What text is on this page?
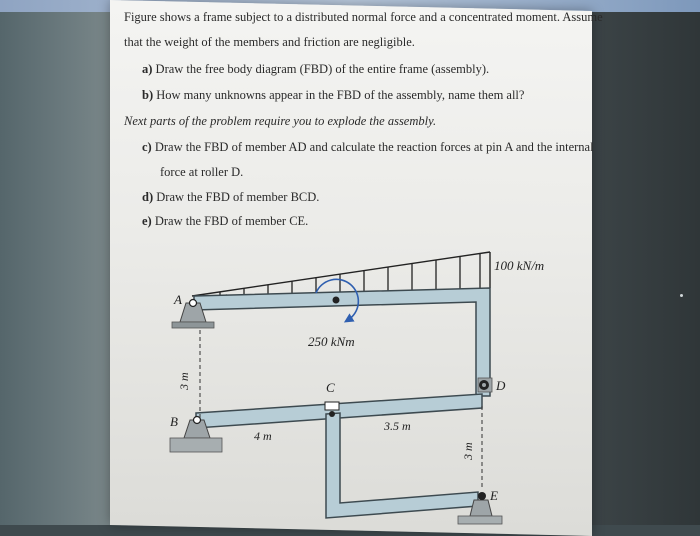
Figure shows a frame subject to a distributed normal force and a concentrated moment. Assume
that the weight of the members and friction are negligible.
a) Draw the free body diagram (FBD) of the entire frame (assembly).
b) How many unknowns appear in the FBD of the assembly, name them all?
Next parts of the problem require you to explode the assembly.
c) Draw the FBD of member AD and calculate the reaction forces at pin A and the internal
force at roller D.
d) Draw the FBD of member BCD.
e) Draw the FBD of member CE.
100 kN/m
250 kNm
A
B
D
E
C
3 m
4 m
3.5 m
3 m
